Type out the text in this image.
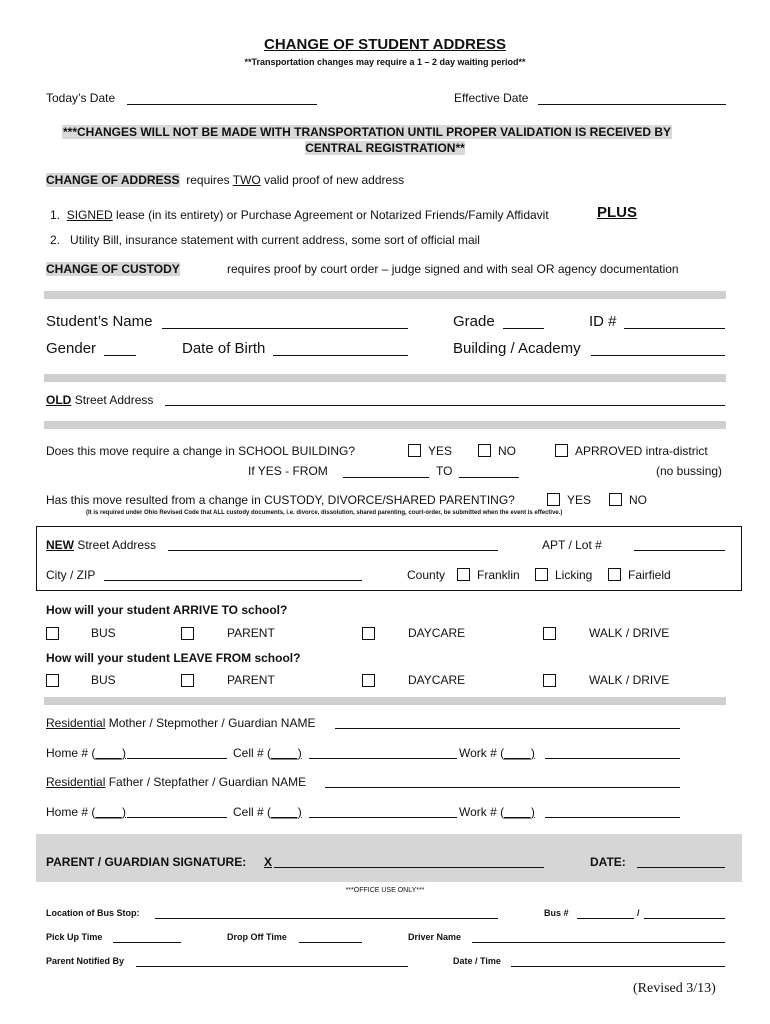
CHANGE OF STUDENT ADDRESS
**Transportation changes may require a 1 – 2 day waiting period**
Today’s Date	Effective Date
***CHANGES WILL NOT BE MADE WITH TRANSPORTATION UNTIL PROPER VALIDATION IS RECEIVED BY
CENTRAL REGISTRATION**
CHANGE OF ADDRESS requires TWO valid proof of new address
1. SIGNED lease (in its entirety) or Purchase Agreement or Notarized Friends/Family Affidavit	PLUS
2. Utility Bill, insurance statement with current address, some sort of official mail
CHANGE OF CUSTODY	requires proof by court order – judge signed and with seal OR agency documentation
Student’s Name	Grade	ID #
Gender	Date of Birth	Building / Academy
OLD Street Address
Does this move require a change in SCHOOL BUILDING?	YES	NO	APRROVED intra-district
If YES - FROM	TO	(no bussing)
Has this move resulted from a change in CUSTODY, DIVORCE/SHARED PARENTING?	YES	NO
(It is required under Ohio Revised Code that ALL custody documents, i.e. divorce, dissolution, shared parenting, court-order, be submitted when the event is effective.)
NEW Street Address	APT / Lot #
City / ZIP	County	Franklin	Licking	Fairfield
How will your student ARRIVE TO school?
BUS	PARENT	DAYCARE	WALK / DRIVE
How will your student LEAVE FROM school?
BUS	PARENT	DAYCARE	WALK / DRIVE
Residential Mother / Stepmother / Guardian NAME
Home # (____)	Cell # (____)	Work # (____)
Residential Father / Stepfather / Guardian NAME
Home # (____)	Cell # (____)	Work # (____)
PARENT / GUARDIAN SIGNATURE: X	DATE:
***OFFICE USE ONLY***
Location of Bus Stop:	Bus #	/
Pick Up Time	Drop Off Time	Driver Name
Parent Notified By	Date / Time
(Revised 3/13)
